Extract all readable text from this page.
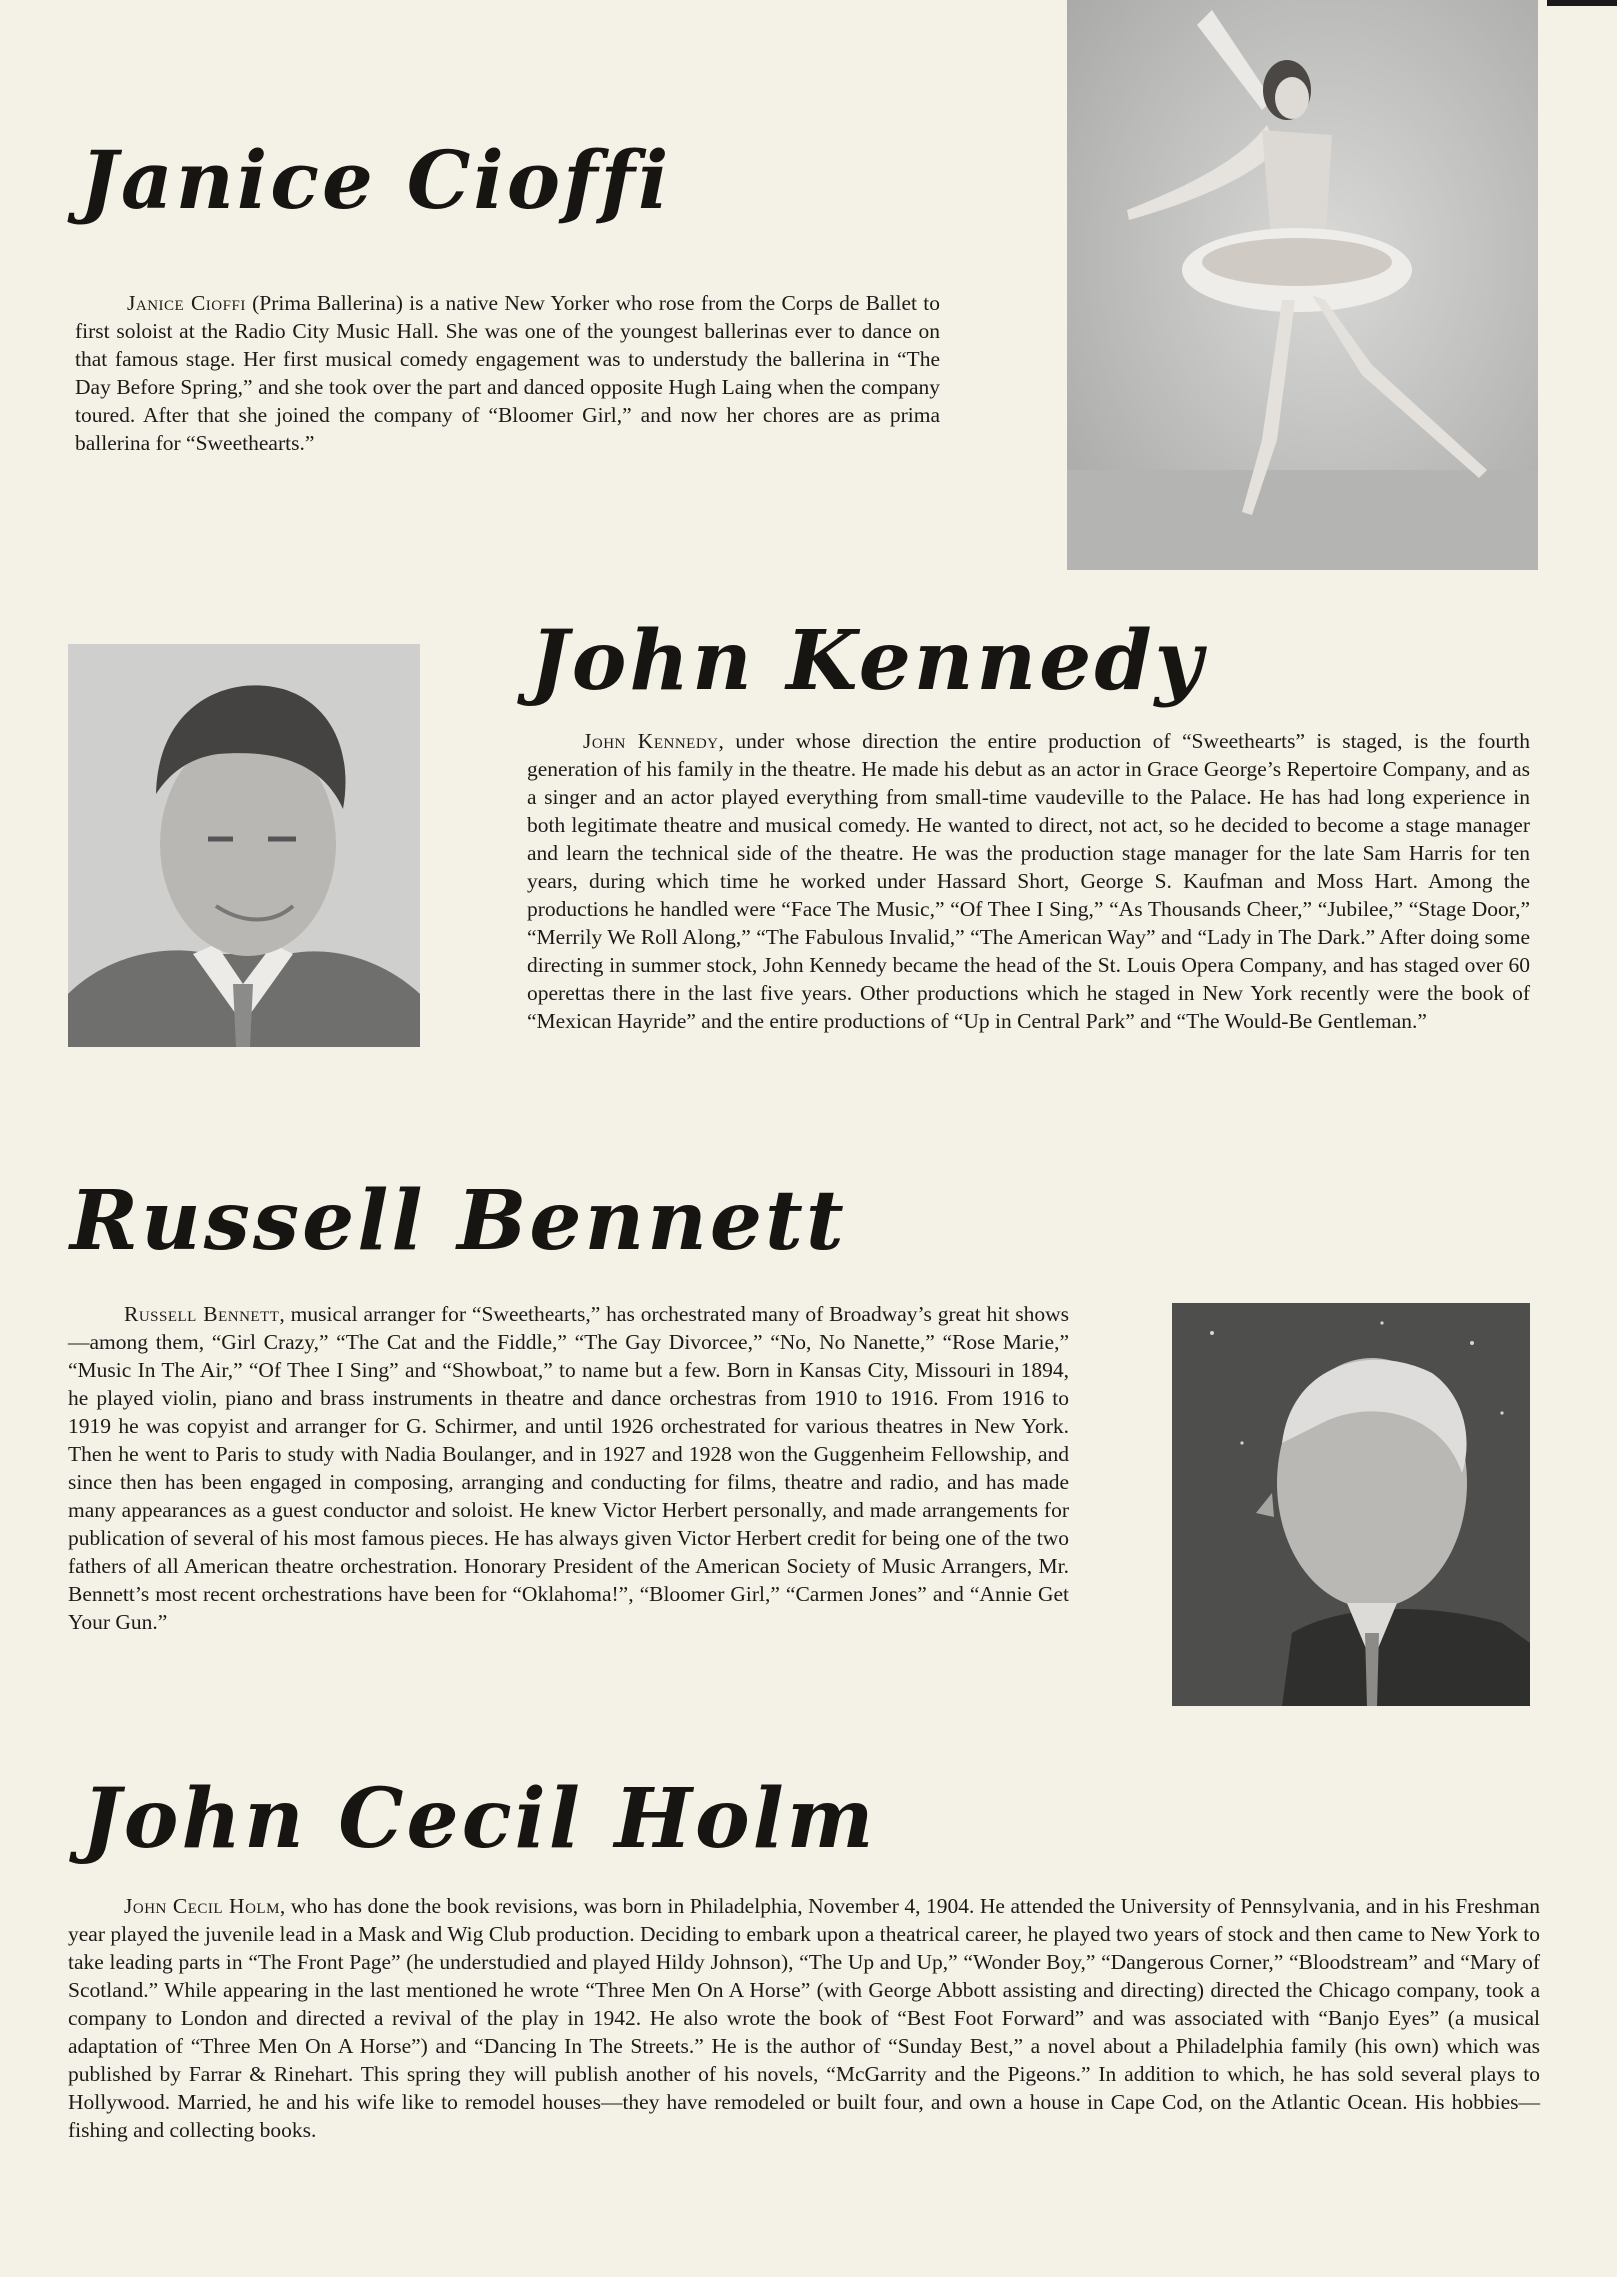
Janice Cioffi

Janice Cioffi (Prima Ballerina) is a native New Yorker who rose from the Corps de Ballet to first soloist at the Radio City Music Hall. She was one of the youngest ballerinas ever to dance on that famous stage. Her first musical comedy engagement was to understudy the ballerina in “The Day Before Spring,” and she took over the part and danced opposite Hugh Laing when the company toured. After that she joined the company of “Bloomer Girl,” and now her chores are as prima ballerina for “Sweethearts.”

John Kennedy

John Kennedy, under whose direction the entire production of “Sweethearts” is staged, is the fourth generation of his family in the theatre. He made his debut as an actor in Grace George’s Repertoire Company, and as a singer and an actor played everything from small-time vaudeville to the Palace. He has had long experience in both legitimate theatre and musical comedy. He wanted to direct, not act, so he decided to become a stage manager and learn the technical side of the theatre. He was the production stage manager for the late Sam Harris for ten years, during which time he worked under Hassard Short, George S. Kaufman and Moss Hart. Among the productions he handled were “Face The Music,” “Of Thee I Sing,” “As Thousands Cheer,” “Jubilee,” “Stage Door,” “Merrily We Roll Along,” “The Fabulous Invalid,” “The American Way” and “Lady in The Dark.” After doing some directing in summer stock, John Kennedy became the head of the St. Louis Opera Company, and has staged over 60 operettas there in the last five years. Other productions which he staged in New York recently were the book of “Mexican Hayride” and the entire productions of “Up in Central Park” and “The Would-Be Gentleman.”

Russell Bennett

Russell Bennett, musical arranger for “Sweethearts,” has orchestrated many of Broadway’s great hit shows—among them, “Girl Crazy,” “The Cat and the Fiddle,” “The Gay Divorcee,” “No, No Nanette,” “Rose Marie,” “Music In The Air,” “Of Thee I Sing” and “Showboat,” to name but a few. Born in Kansas City, Missouri in 1894, he played violin, piano and brass instruments in theatre and dance orchestras from 1910 to 1916. From 1916 to 1919 he was copyist and arranger for G. Schirmer, and until 1926 orchestrated for various theatres in New York. Then he went to Paris to study with Nadia Boulanger, and in 1927 and 1928 won the Guggenheim Fellowship, and since then has been engaged in composing, arranging and conducting for films, theatre and radio, and has made many appearances as a guest conductor and soloist. He knew Victor Herbert personally, and made arrangements for publication of several of his most famous pieces. He has always given Victor Herbert credit for being one of the two fathers of all American theatre orchestration. Honorary President of the American Society of Music Arrangers, Mr. Bennett’s most recent orchestrations have been for “Oklahoma!”, “Bloomer Girl,” “Carmen Jones” and “Annie Get Your Gun.”

John Cecil Holm

John Cecil Holm, who has done the book revisions, was born in Philadelphia, November 4, 1904. He attended the University of Pennsylvania, and in his Freshman year played the juvenile lead in a Mask and Wig Club production. Deciding to embark upon a theatrical career, he played two years of stock and then came to New York to take leading parts in “The Front Page” (he understudied and played Hildy Johnson), “The Up and Up,” “Wonder Boy,” “Dangerous Corner,” “Bloodstream” and “Mary of Scotland.” While appearing in the last mentioned he wrote “Three Men On A Horse” (with George Abbott assisting and directing) directed the Chicago company, took a company to London and directed a revival of the play in 1942. He also wrote the book of “Best Foot Forward” and was associated with “Banjo Eyes” (a musical adaptation of “Three Men On A Horse”) and “Dancing In The Streets.” He is the author of “Sunday Best,” a novel about a Philadelphia family (his own) which was published by Farrar & Rinehart. This spring they will publish another of his novels, “McGarrity and the Pigeons.” In addition to which, he has sold several plays to Hollywood. Married, he and his wife like to remodel houses—they have remodeled or built four, and own a house in Cape Cod, on the Atlantic Ocean. His hobbies—fishing and collecting books.
